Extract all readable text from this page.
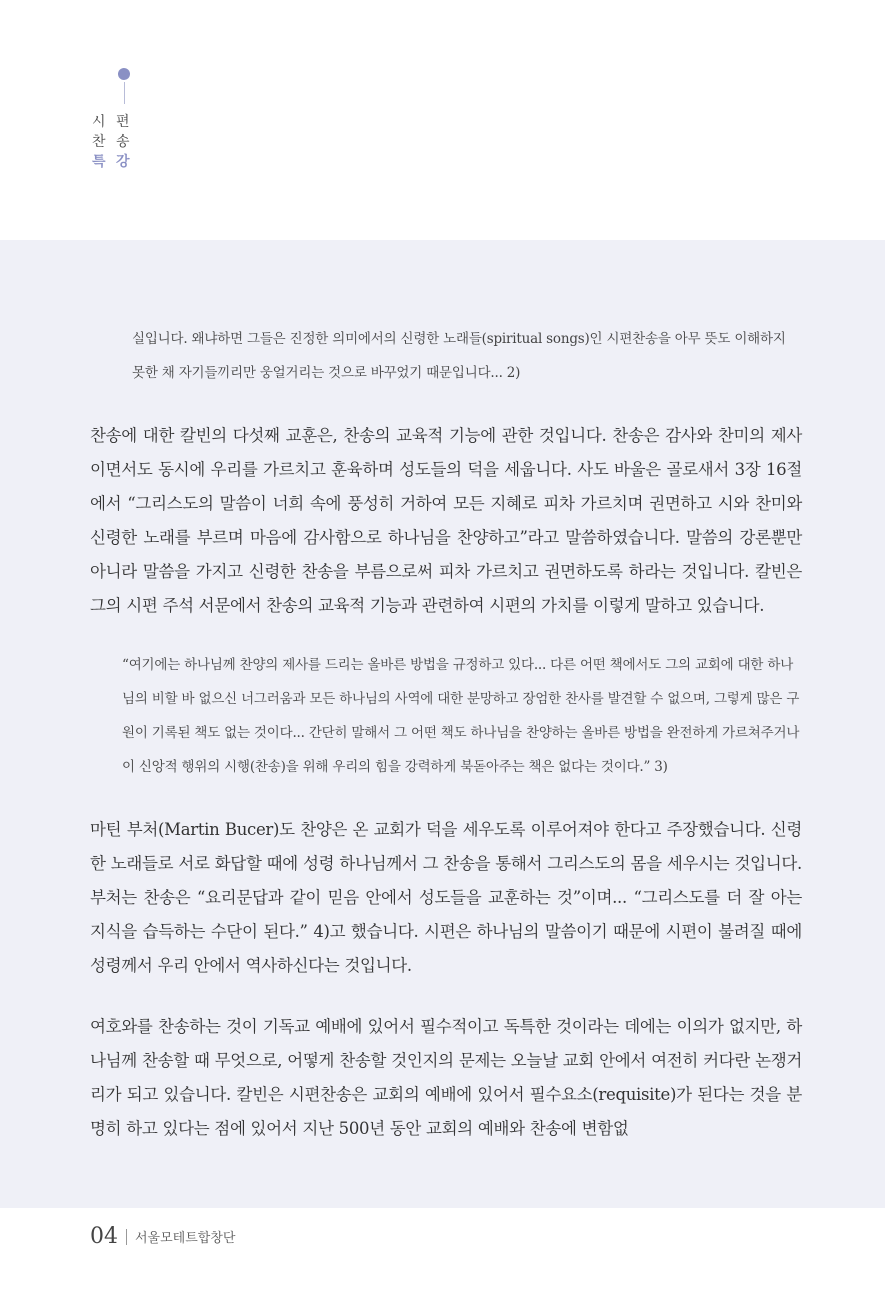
시
찬
특
편
송
강

실입니다. 왜냐하면 그들은 진정한 의미에서의 신령한 노래들(spiritual songs)인 시편찬송을 아무 뜻도 이해하지 못한 채 자기들끼리만 웅얼거리는 것으로 바꾸었기 때문입니다... 2)

찬송에 대한 칼빈의 다섯째 교훈은, 찬송의 교육적 기능에 관한 것입니다. 찬송은 감사와 찬미의 제사이면서도 동시에 우리를 가르치고 훈육하며 성도들의 덕을 세웁니다. 사도 바울은 골로새서 3장 16절에서 “그리스도의 말씀이 너희 속에 풍성히 거하여 모든 지혜로 피차 가르치며 권면하고 시와 찬미와 신령한 노래를 부르며 마음에 감사함으로 하나님을 찬양하고”라고 말씀하였습니다. 말씀의 강론뿐만 아니라 말씀을 가지고 신령한 찬송을 부름으로써 피차 가르치고 권면하도록 하라는 것입니다. 칼빈은 그의 시편 주석 서문에서 찬송의 교육적 기능과 관련하여 시편의 가치를 이렇게 말하고 있습니다.

“여기에는 하나님께 찬양의 제사를 드리는 올바른 방법을 규정하고 있다... 다른 어떤 책에서도 그의 교회에 대한 하나님의 비할 바 없으신 너그러움과 모든 하나님의 사역에 대한 분망하고 장엄한 찬사를 발견할 수 없으며, 그렇게 많은 구원이 기록된 책도 없는 것이다... 간단히 말해서 그 어떤 책도 하나님을 찬양하는 올바른 방법을 완전하게 가르쳐주거나 이 신앙적 행위의 시행(찬송)을 위해 우리의 힘을 강력하게 북돋아주는 책은 없다는 것이다.” 3)

마틴 부처(Martin Bucer)도 찬양은 온 교회가 덕을 세우도록 이루어져야 한다고 주장했습니다. 신령한 노래들로 서로 화답할 때에 성령 하나님께서 그 찬송을 통해서 그리스도의 몸을 세우시는 것입니다. 부처는 찬송은 “요리문답과 같이 믿음 안에서 성도들을 교훈하는 것”이며... “그리스도를 더 잘 아는 지식을 습득하는 수단이 된다.” 4)고 했습니다. 시편은 하나님의 말씀이기 때문에 시편이 불려질 때에 성령께서 우리 안에서 역사하신다는 것입니다.

여호와를 찬송하는 것이 기독교 예배에 있어서 필수적이고 독특한 것이라는 데에는 이의가 없지만, 하나님께 찬송할 때 무엇으로, 어떻게 찬송할 것인지의 문제는 오늘날 교회 안에서 여전히 커다란 논쟁거리가 되고 있습니다. 칼빈은 시편찬송은 교회의 예배에 있어서 필수요소(requisite)가 된다는 것을 분명히 하고 있다는 점에 있어서 지난 500년 동안 교회의 예배와 찬송에 변함없

04 서울모테트합창단
